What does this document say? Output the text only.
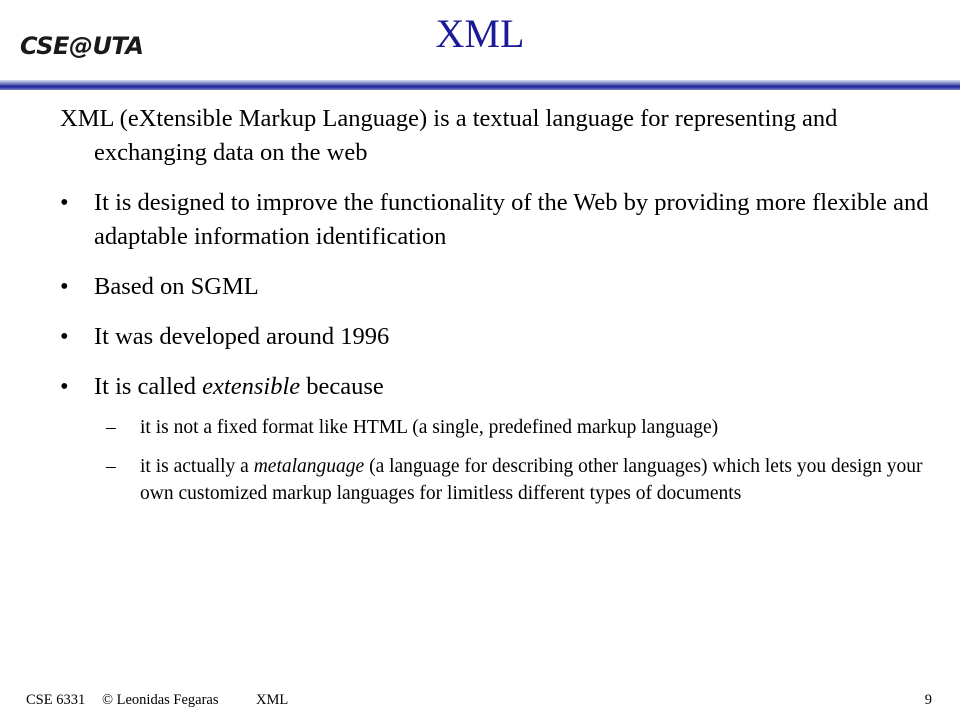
CSE@UTA	XML
XML (eXtensible Markup Language) is a textual language for representing and exchanging data on the web
• It is designed to improve the functionality of the Web by providing more flexible and adaptable information identification
• Based on SGML
• It was developed around 1996
• It is called extensible because
– it is not a fixed format like HTML (a single, predefined markup language)
– it is actually a metalanguage (a language for describing other languages) which lets you design your own customized markup languages for limitless different types of documents
CSE 6331 © Leonidas Fegaras	XML	9
